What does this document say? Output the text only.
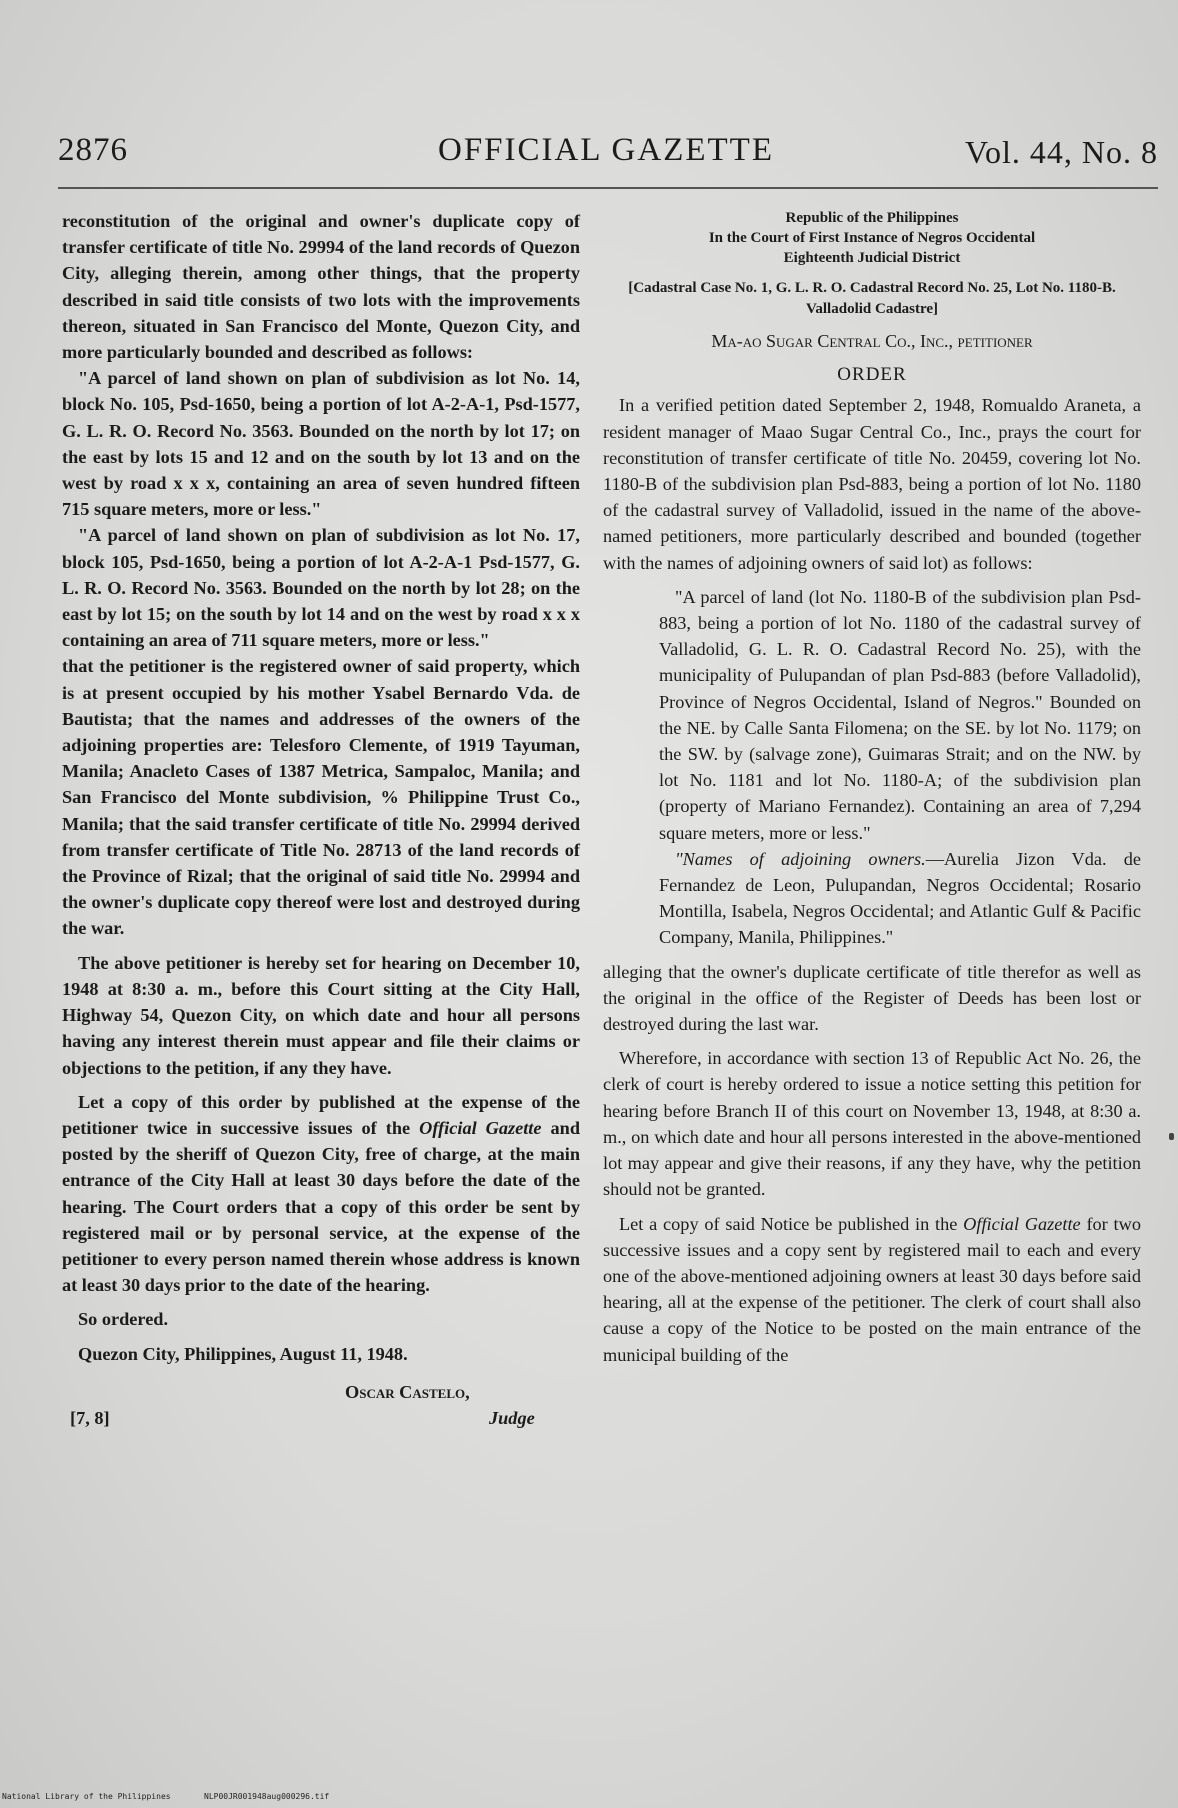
2876	OFFICIAL GAZETTE	Vol. 44, No. 8

reconstitution of the original and owner's duplicate copy of transfer certificate of title No. 29994 of the land records of Quezon City, alleging therein, among other things, that the property described in said title consists of two lots with the improvements thereon, situated in San Francisco del Monte, Quezon City, and more particularly bounded and described as follows:

"A parcel of land shown on plan of subdivision as lot No. 14, block No. 105, Psd-1650, being a portion of lot A-2-A-1, Psd-1577, G. L. R. O. Record No. 3563. Bounded on the north by lot 17; on the east by lots 15 and 12 and on the south by lot 13 and on the west by road x x x, containing an area of seven hundred fifteen 715 square meters, more or less."

"A parcel of land shown on plan of subdivision as lot No. 17, block 105, Psd-1650, being a portion of lot A-2-A-1 Psd-1577, G. L. R. O. Record No. 3563. Bounded on the north by lot 28; on the east by lot 15; on the south by lot 14 and on the west by road x x x containing an area of 711 square meters, more or less."

that the petitioner is the registered owner of said property, which is at present occupied by his mother Ysabel Bernardo Vda. de Bautista; that the names and addresses of the owners of the adjoining properties are: Telesforo Clemente, of 1919 Tayuman, Manila; Anacleto Cases of 1387 Metrica, Sampaloc, Manila; and San Francisco del Monte subdivision, % Philippine Trust Co., Manila; that the said transfer certificate of title No. 29994 derived from transfer certificate of Title No. 28713 of the land records of the Province of Rizal; that the original of said title No. 29994 and the owner's duplicate copy thereof were lost and destroyed during the war.

The above petitioner is hereby set for hearing on December 10, 1948 at 8:30 a. m., before this Court sitting at the City Hall, Highway 54, Quezon City, on which date and hour all persons having any interest therein must appear and file their claims or objections to the petition, if any they have.

Let a copy of this order by published at the expense of the petitioner twice in successive issues of the Official Gazette and posted by the sheriff of Quezon City, free of charge, at the main entrance of the City Hall at least 30 days before the date of the hearing. The Court orders that a copy of this order be sent by registered mail or by personal service, at the expense of the petitioner to every person named therein whose address is known at least 30 days prior to the date of the hearing.

So ordered.

Quezon City, Philippines, August 11, 1948.

[7, 8]
Oscar Castelo,
Judge
Republic of the Philippines
In the Court of First Instance of Negros Occidental
Eighteenth Judicial District
[Cadastral Case No. 1, G. L. R. O. Cadastral Record No. 25, Lot No. 1180-B. Valladolid Cadastre]
Ma-ao Sugar Central Co., Inc., petitioner
ORDER

In a verified petition dated September 2, 1948, Romualdo Araneta, a resident manager of Maao Sugar Central Co., Inc., prays the court for reconstitution of transfer certificate of title No. 20459, covering lot No. 1180-B of the subdivision plan Psd-883, being a portion of lot No. 1180 of the cadastral survey of Valladolid, issued in the name of the above-named petitioners, more particularly described and bounded (together with the names of adjoining owners of said lot) as follows:

"A parcel of land (lot No. 1180-B of the subdivision plan Psd-883, being a portion of lot No. 1180 of the cadastral survey of Valladolid, G. L. R. O. Cadastral Record No. 25), with the municipality of Pulupandan of plan Psd-883 (before Valladolid), Province of Negros Occidental, Island of Negros." Bounded on the NE. by Calle Santa Filomena; on the SE. by lot No. 1179; on the SW. by (salvage zone), Guimaras Strait; and on the NW. by lot No. 1181 and lot No. 1180-A; of the subdivision plan (property of Mariano Fernandez). Containing an area of 7,294 square meters, more or less."

"Names of adjoining owners.—Aurelia Jizon Vda. de Fernandez de Leon, Pulupandan, Negros Occidental; Rosario Montilla, Isabela, Negros Occidental; and Atlantic Gulf & Pacific Company, Manila, Philippines."

alleging that the owner's duplicate certificate of title therefor as well as the original in the office of the Register of Deeds has been lost or destroyed during the last war.

Wherefore, in accordance with section 13 of Republic Act No. 26, the clerk of court is hereby ordered to issue a notice setting this petition for hearing before Branch II of this court on November 13, 1948, at 8:30 a. m., on which date and hour all persons interested in the above-mentioned lot may appear and give their reasons, if any they have, why the petition should not be granted.

Let a copy of said Notice be published in the Official Gazette for two successive issues and a copy sent by registered mail to each and every one of the above-mentioned adjoining owners at least 30 days before said hearing, all at the expense of the petitioner. The clerk of court shall also cause a copy of the Notice to be posted on the main entrance of the municipal building of the

National Library of the Philippines	NLP00JR001948aug000296.tif
